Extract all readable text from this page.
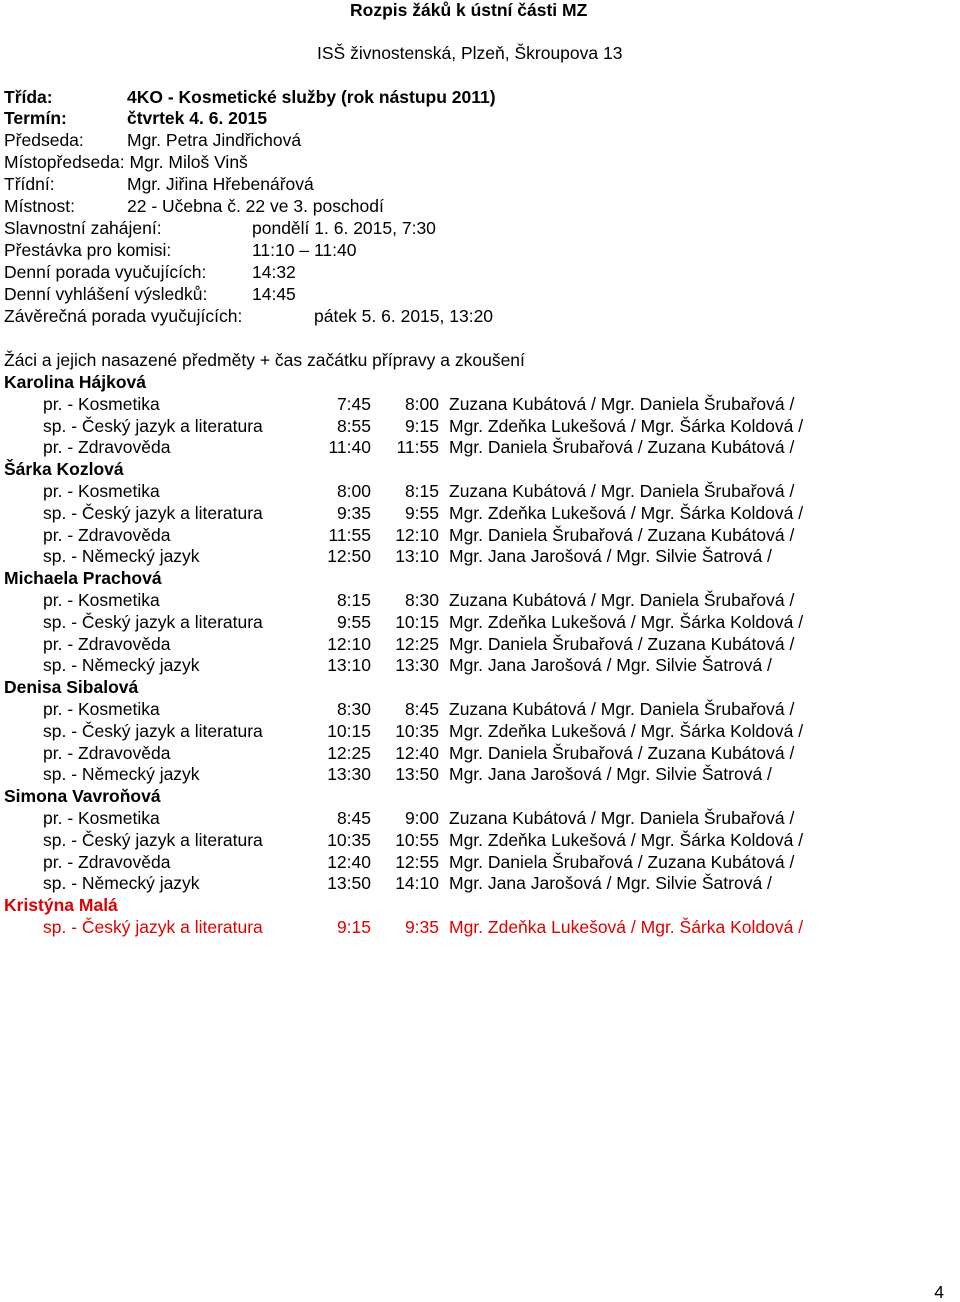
Rozpis žáků k ústní části MZ
ISŠ živnostenská, Plzeň, Škroupova 13
Třída:	4KO - Kosmetické služby (rok nástupu 2011)
Termín:	čtvrtek 4. 6. 2015
Předseda: Mgr. Petra Jindřichová
Místopředseda: Mgr. Miloš Vinš
Třídní:	Mgr. Jiřina Hřebenářová
Místnost:	22 - Učebna č. 22 ve 3. poschodí
Slavnostní zahájení:	pondělí 1. 6. 2015, 7:30
Přestávka pro komisi:	11:10 – 11:40
Denní porada vyučujících:	14:32
Denní vyhlášení výsledků:	14:45
Závěrečná porada vyučujících:	pátek 5. 6. 2015, 13:20
Žáci a jejich nasazené předměty + čas začátku přípravy a zkoušení
Karolina Hájková
pr. - Kosmetika	7:45	8:00 Zuzana Kubátová / Mgr. Daniela Šrubařová /
sp. - Český jazyk a literatura	8:55	9:15 Mgr. Zdeňka Lukešová / Mgr. Šárka Koldová /
pr. - Zdravověda	11:40	11:55 Mgr. Daniela Šrubařová / Zuzana Kubátová /
Šárka Kozlová
pr. - Kosmetika	8:00	8:15 Zuzana Kubátová / Mgr. Daniela Šrubařová /
sp. - Český jazyk a literatura	9:35	9:55 Mgr. Zdeňka Lukešová / Mgr. Šárka Koldová /
pr. - Zdravověda	11:55	12:10 Mgr. Daniela Šrubařová / Zuzana Kubátová /
sp. - Německý jazyk	12:50	13:10 Mgr. Jana Jarošová / Mgr. Silvie Šatrová /
Michaela Prachová
pr. - Kosmetika	8:15	8:30 Zuzana Kubátová / Mgr. Daniela Šrubařová /
sp. - Český jazyk a literatura	9:55	10:15 Mgr. Zdeňka Lukešová / Mgr. Šárka Koldová /
pr. - Zdravověda	12:10	12:25 Mgr. Daniela Šrubařová / Zuzana Kubátová /
sp. - Německý jazyk	13:10	13:30 Mgr. Jana Jarošová / Mgr. Silvie Šatrová /
Denisa Sibalová
pr. - Kosmetika	8:30	8:45 Zuzana Kubátová / Mgr. Daniela Šrubařová /
sp. - Český jazyk a literatura	10:15	10:35 Mgr. Zdeňka Lukešová / Mgr. Šárka Koldová /
pr. - Zdravověda	12:25	12:40 Mgr. Daniela Šrubařová / Zuzana Kubátová /
sp. - Německý jazyk	13:30	13:50 Mgr. Jana Jarošová / Mgr. Silvie Šatrová /
Simona Vavroňová
pr. - Kosmetika	8:45	9:00 Zuzana Kubátová / Mgr. Daniela Šrubařová /
sp. - Český jazyk a literatura	10:35	10:55 Mgr. Zdeňka Lukešová / Mgr. Šárka Koldová /
pr. - Zdravověda	12:40	12:55 Mgr. Daniela Šrubařová / Zuzana Kubátová /
sp. - Německý jazyk	13:50	14:10 Mgr. Jana Jarošová / Mgr. Silvie Šatrová /
Kristýna Malá
sp. - Český jazyk a literatura	9:15	9:35 Mgr. Zdeňka Lukešová / Mgr. Šárka Koldová /
4
